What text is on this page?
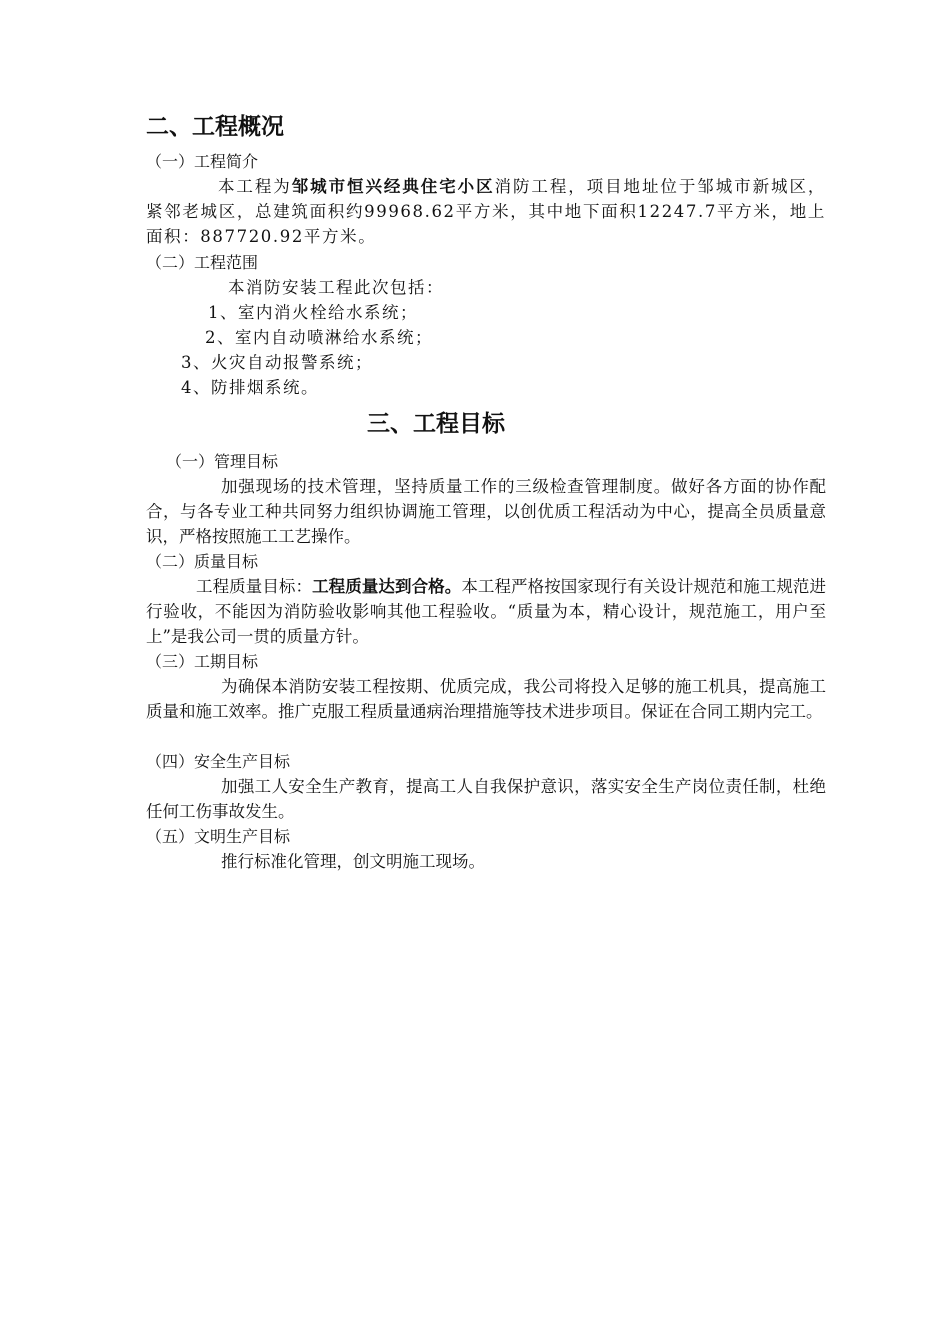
二、工程概况
（一）工程简介

本工程为邹城市恒兴经典住宅小区消防工程，项目地址位于邹城市新城区，紧邻老城区，总建筑面积约99968.62平方米，其中地下面积12247.7平方米，地上面积：887720.92平方米。

（二）工程范围
本消防安装工程此次包括：
1、室内消火栓给水系统；
2、室内自动喷淋给水系统；
3、火灾自动报警系统；
4、防排烟系统。
三、工程目标
（一）管理目标

加强现场的技术管理，坚持质量工作的三级检查管理制度。做好各方面的协作配合，与各专业工种共同努力组织协调施工管理，以创优质工程活动为中心，提高全员质量意识，严格按照施工工艺操作。

（二）质量目标

工程质量目标：工程质量达到合格。本工程严格按国家现行有关设计规范和施工规范进行验收，不能因为消防验收影响其他工程验收。“质量为本，精心设计，规范施工，用户至上”是我公司一贯的质量方针。

（三）工期目标

为确保本消防安装工程按期、优质完成，我公司将投入足够的施工机具，提高施工质量和施工效率。推广克服工程质量通病治理措施等技术进步项目。保证在合同工期内完工。

（四）安全生产目标

加强工人安全生产教育，提高工人自我保护意识，落实安全生产岗位责任制，杜绝任何工伤事故发生。

（五）文明生产目标

推行标准化管理，创文明施工现场。
